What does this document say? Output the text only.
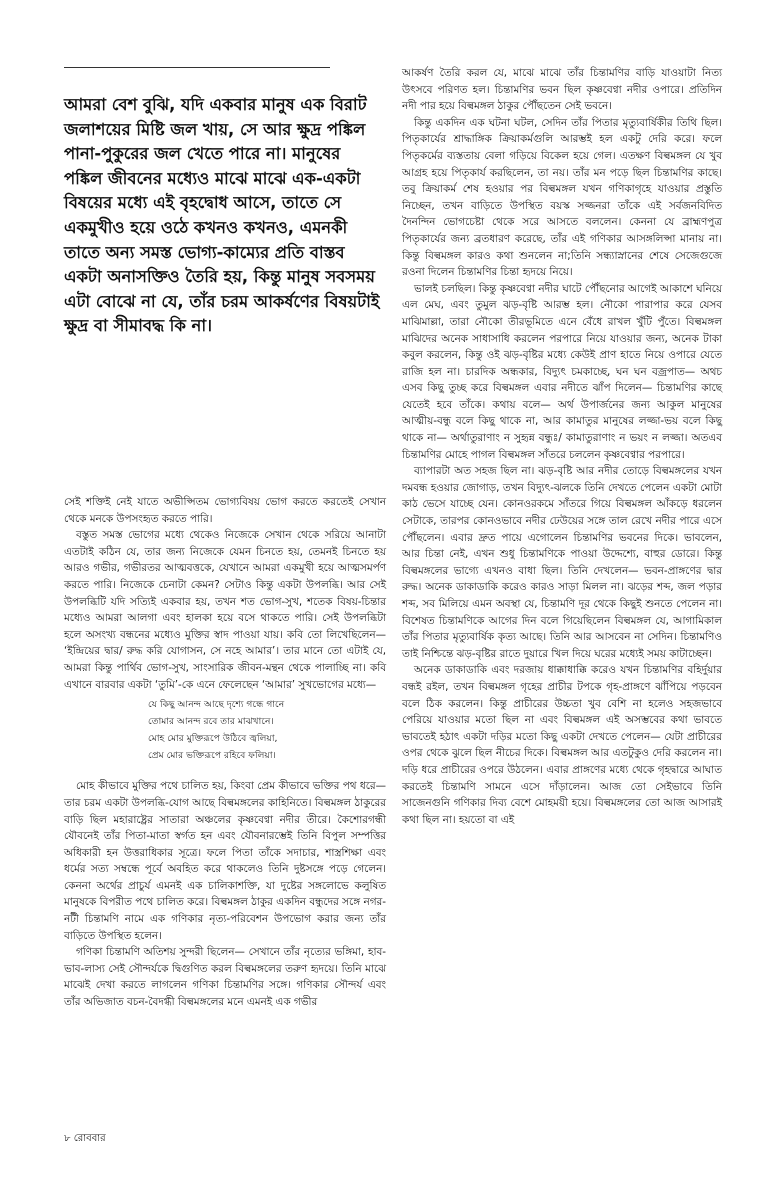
আমরা বেশ বুঝি, যদি একবার মানুষ এক বিরাট জলাশয়ের মিষ্টি জল খায়, সে আর ক্ষুদ্র পঙ্কিল পানা-পুকুরের জল খেতে পারে না। মানুষের পঙ্কিল জীবনের মধ্যেও মাঝে মাঝে এক-একটা বিষয়ের মধ্যে এই বৃহদ্বোধ আসে, তাতে সে একমুখীও হয়ে ওঠে কখনও কখনও, এমনকী তাতে অন্য সমস্ত ভোগ্য-কাম্যের প্রতি বাস্তব একটা অনাসক্তিও তৈরি হয়, কিন্তু মানুষ সবসময় এটা বোঝে না যে, তাঁর চরম আকর্ষণের বিষয়টাই ক্ষুদ্র বা সীমাবদ্ধ কি না।

সেই শক্তিই নেই যাতে অভীপ্সিতম ভোগ্যবিষয় ভোগ করতে করতেই সেখান থেকে মনকে উপসংহৃত করতে পারি।

বস্তুত সমস্ত ভোগের মধ্যে থেকেও নিজেকে সেখান থেকে সরিয়ে আনাটা এতটাই কঠিন যে, তার জন্য নিজেকে যেমন চিনতে হয়, তেমনই চিনতে হয় আরও গভীর, গভীরতর আত্মবত্তকে, যেখানে আমরা একমুখী হয়ে আত্মসমর্পণ করতে পারি। নিজেকে চেনাটা কেমন? সেটাও কিন্তু একটা উপলব্ধি। আর সেই উপলব্ধিটি যদি সত্যিই একবার হয়, তখন শত ভোগ-সুখ, শতেক বিষয়-চিন্তার মধ্যেও আমরা আলগা এবং হালকা হয়ে বসে থাকতে পারি। সেই উপলব্ধিটা হলে অসংখ্য বন্ধনের মধ্যেও মুক্তির স্বাদ পাওয়া যায়। কবি তো লিখেছিলেন— ‘ইন্দ্রিয়ের দ্বার/ রুদ্ধ করি যোগাসন, সে নহে আমার’। তার মানে তো এটাই যে, আমরা কিন্তু পার্থিব ভোগ-সুখ, সাংসারিক জীবন-মন্থন থেকে পালাচ্ছি না। কবি এখানে বারবার একটা ‘তুমি’-কে এনে ফেলেছেন ‘আমার’ সুখভোগের মধ্যে—

যে কিছু আনন্দ আছে দৃশ্যে গন্ধে গানে
তোমার আনন্দ রবে তার মাঝখানে।
মোহ মোর মুক্তিরূপে উঠিবে জ্বলিয়া,
প্রেম মোর ভক্তিরূপে রহিবে ফলিয়া।

মোহ কীভাবে মুক্তির পথে চালিত হয়, কিংবা প্রেম কীভাবে ভক্তির পথ ধরে— তার চরম একটা উপলব্ধি-যোগ আছে বিল্বমঙ্গলের কাহিনিতে। বিল্বমঙ্গল ঠাকুরের বাড়ি ছিল মহারাষ্ট্রের সাতারা অঞ্চলের কৃষ্ণবেণ্বা নদীর তীরে। কৈশোরগন্ধী যৌবনেই তাঁর পিতা-মাতা স্বর্গত হন এবং যৌবনারম্ভেই তিনি বিপুল সম্পত্তির অধিকারী হন উত্তরাধিকার সূত্রে। ফলে পিতা তাঁকে সদাচার, শাস্ত্রশিক্ষা এবং ধর্মের সত্য সম্বন্ধে পূর্বে অবহিত করে থাকলেও তিনি দুষ্টসঙ্গে পড়ে গেলেন। কেননা অর্থের প্রাচুর্য এমনই এক চালিকাশক্তি, যা দুষ্টের সঙ্গলোভে কলুষিত মানুষকে বিপরীত পথে চালিত করে। বিল্বমঙ্গল ঠাকুর একদিন বন্ধুদের সঙ্গে নগর-নটী চিন্তামণি নামে এক গণিকার নৃত্য-পরিবেশন উপভোগ করার জন্য তাঁর বাড়িতে উপস্থিত হলেন।

গণিকা চিন্তামণি অতিশয় সুন্দরী ছিলেন— সেখানে তাঁর নৃত্যের ভঙ্গিমা, হাব-ভাব-লাস্য সেই সৌন্দর্যকে দ্বিগুণিত করল বিল্বমঙ্গলের তরুণ হৃদয়ে। তিনি মাঝে মাঝেই দেখা করতে লাগলেন গণিকা চিন্তামণির সঙ্গে। গণিকার সৌন্দর্য এবং তাঁর অভিজাত বচন-বৈদগ্ধী বিল্বমঙ্গলের মনে এমনই এক গভীর

আকর্ষণ তৈরি করল যে, মাঝে মাঝে তাঁর চিন্তামণির বাড়ি যাওয়াটা নিত্য উৎসবে পরিণত হল। চিন্তামণির ভবন ছিল কৃষ্ণবেণ্বা নদীর ওপারে। প্রতিদিন নদী পার হয়ে বিল্বমঙ্গল ঠাকুর পৌঁছতেন সেই ভবনে।

কিন্তু একদিন এক ঘটনা ঘটল, সেদিন তাঁর পিতার মৃত্যুবার্ষিকীর তিথি ছিল। পিতৃকার্যের শ্রাদ্ধাঙ্গিক ক্রিয়াকর্মগুলি আরম্ভই হল একটু দেরি করে। ফলে পিতৃকর্মের ব্যস্ততায় বেলা গড়িয়ে বিকেল হয়ে গেল। এতক্ষণ বিল্বমঙ্গল যে খুব আগ্রহ হয়ে পিতৃকার্য করছিলেন, তা নয়। তাঁর মন পড়ে ছিল চিন্তামণির কাছে। তবু ক্রিয়াকর্ম শেষ হওয়ার পর বিল্বমঙ্গল যখন গণিকাগৃহে যাওয়ার প্রস্তুতি নিচ্ছেন, তখন বাড়িতে উপস্থিত বয়স্ক সজ্জনরা তাঁকে এই সর্বজনবিদিত দৈনন্দিন ভোগচেষ্টা থেকে সরে আসতে বললেন। কেননা যে ব্রাহ্মণপুত্র পিতৃকার্যের জন্য ব্রতধারণ করেছে, তাঁর এই গণিকার আসঙ্গলিপ্সা মানায় না। কিন্তু বিল্বমঙ্গল কারও কথা শুনলেন না;তিনি সন্ধ্যাস্নানের শেষে সেজেগুজে রওনা দিলেন চিন্তামণির চিন্তা হৃদয়ে নিয়ে।

ভালই চলছিল। কিন্তু কৃষ্ণবেণ্বা নদীর ঘাটে পৌঁছনোর আগেই আকাশে ঘনিয়ে এল মেঘ, এবং তুমুল ঝড়-বৃষ্টি আরম্ভ হল। নৌকো পারাপার করে যেসব মাঝিমাল্লা, তারা নৌকো তীরভূমিতে এনে বেঁধে রাখল খুঁটি পুঁতে। বিল্বমঙ্গল মাঝিদের অনেক সাধাসাধি করলেন পরপারে নিয়ে যাওয়ার জন্য, অনেক টাকা কবুল করলেন, কিন্তু ওই ঝড়-বৃষ্টির মধ্যে কেউই প্রাণ হাতে নিয়ে ওপারে যেতে রাজি হল না। চারদিক অন্ধকার, বিদ্যুৎ চমকাচ্ছে, ঘন ঘন বজ্রপাত— অথচ এসব কিছু তুচ্ছ করে বিল্বমঙ্গল এবার নদীতে ঝাঁপ দিলেন— চিন্তামণির কাছে যেতেই হবে তাঁকে। কথায় বলে— অর্থ উপার্জনের জন্য আকুল মানুষের আত্মীয়-বন্ধু বলে কিছু থাকে না, আর কামাতুর মানুষের লজ্জা-ভয় বলে কিছু থাকে না— অর্থাতুরাণাং ন সুহৃন্ন বন্ধুঃ/ কামাতুরাণাং ন ভয়ং ন লজ্জা। অতএব চিন্তামণির মোহে পাগল বিল্বমঙ্গল সাঁতরে চললেন কৃষ্ণবেণ্বার পরপারে।

ব্যাপারটা অত সহজ ছিল না। ঝড়-বৃষ্টি আর নদীর তোড়ে বিল্বমঙ্গলের যখন দমবন্ধ হওয়ার জোগাড়, তখন বিদ্যুৎ-ঝলকে তিনি দেখতে পেলেন একটা মোটা কাঠ ভেসে যাচ্ছে যেন। কোনওরকমে সাঁতরে গিয়ে বিল্বমঙ্গল আঁকড়ে ধরলেন সেটাকে, তারপর কোনওভাবে নদীর ঢেউয়ের সঙ্গে তাল রেখে নদীর পারে এসে পৌঁছলেন। এবার দ্রুত পায়ে এগোলেন চিন্তামণির ভবনের দিকে। ভাবলেন, আর চিন্তা নেই, এখন শুধু চিন্তামণিকে পাওয়া উদ্দেশ্যে, বাহুর ডোরে। কিন্তু বিল্বমঙ্গলের ভাগ্যে এখনও বাধা ছিল। তিনি দেখলেন— ভবন-প্রাঙ্গণের দ্বার রুদ্ধ। অনেক ডাকাডাকি করেও কারও সাড়া মিলল না। ঝড়ের শব্দ, জল পড়ার শব্দ, সব মিলিয়ে এমন অবস্থা যে, চিন্তামণি দূর থেকে কিছুই শুনতে পেলেন না। বিশেষত চিন্তামণিকে আগের দিন বলে গিয়েছিলেন বিল্বমঙ্গল যে, আগামিকাল তাঁর পিতার মৃত্যুবার্ষিক কৃত্য আছে। তিনি আর আসবেন না সেদিন। চিন্তামণিও তাই নিশ্চিন্তে ঝড়-বৃষ্টির রাতে দুয়ারে খিল দিয়ে ঘরের মধ্যেই সময় কাটাচ্ছেন।

অনেক ডাকাডাকি এবং দরজায় ধাক্কাধাক্কি করেও যখন চিন্তামণির বহির্দুয়ার বন্ধই রইল, তখন বিল্বমঙ্গল গৃহের প্রাচীর টপকে গৃহ-প্রাঙ্গণে ঝাঁপিয়ে পড়বেন বলে ঠিক করলেন। কিন্তু প্রাচীরের উচ্চতা খুব বেশি না হলেও সহজভাবে পেরিয়ে যাওয়ার মতো ছিল না এবং বিল্বমঙ্গল এই অসম্ভবের কথা ভাবতে ভাবতেই হঠাৎ একটা দড়ির মতো কিছু একটা দেখতে পেলেন— যেটা প্রাচীরের ওপর থেকে ঝুলে ছিল নীচের দিকে। বিল্বমঙ্গল আর এতটুকুও দেরি করলেন না। দড়ি ধরে প্রাচীরের ওপরে উঠলেন। এবার প্রাঙ্গণের মধ্যে থেকে গৃহদ্বারে আঘাত করতেই চিন্তামণি সামনে এসে দাঁড়ালেন। আজ তো সেইভাবে তিনি সাজেনগুনি গণিকার দিব্য বেশে মোহময়ী হয়ে। বিল্বমঙ্গলের তো আজ আসারই কথা ছিল না। হয়তো বা এই

৮ রোববার
